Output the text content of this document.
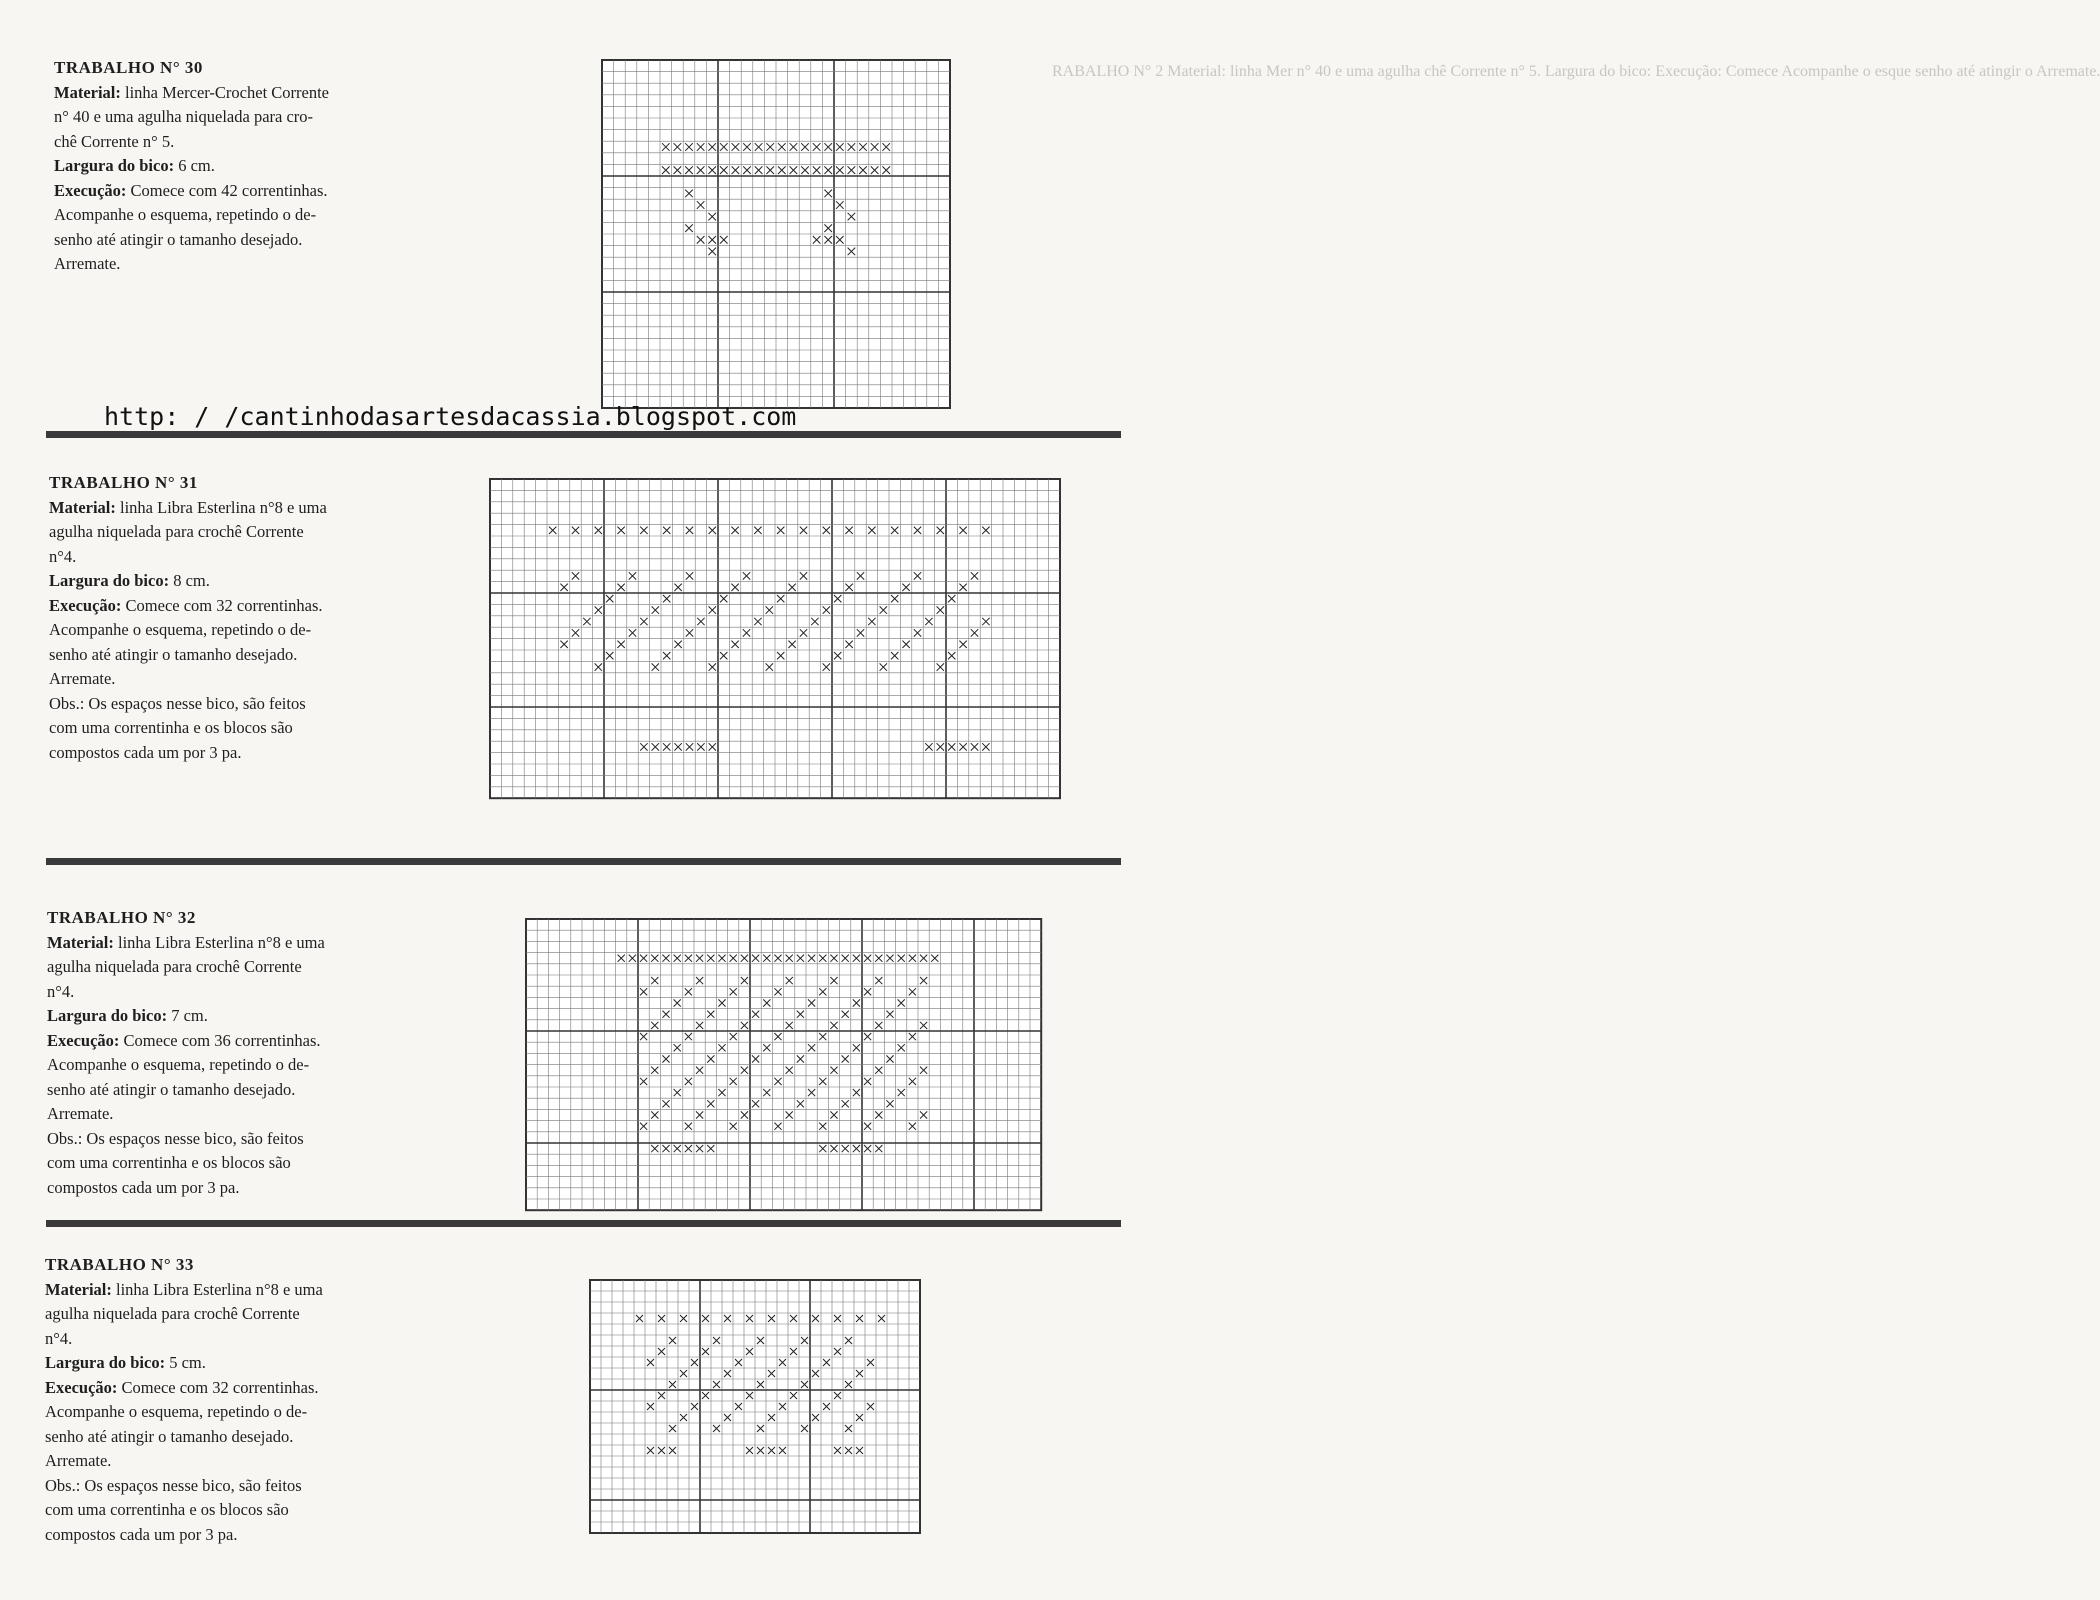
RABALHO N° 2 Material: linha Mer n° 40 e uma agulha chê Corrente n° 5. Largura do bico: Execução: Comece Acompanhe o esque senho até atingir o Arremate.
TRABALHO N° 30
Material: linha Mercer-Crochet Corrente
n° 40 e uma agulha niquelada para cro-
chê Corrente n° 5.
Largura do bico: 6 cm.
Execução: Comece com 42 correntinhas.
Acompanhe o esquema, repetindo o de-
senho até atingir o tamanho desejado.
Arremate.
http: / /cantinhodasartesdacassia.blogspot.com
TRABALHO N° 31
Material: linha Libra Esterlina n°8 e uma
agulha niquelada para crochê Corrente
n°4.
Largura do bico: 8 cm.
Execução: Comece com 32 correntinhas.
Acompanhe o esquema, repetindo o de-
senho até atingir o tamanho desejado.
Arremate.
Obs.: Os espaços nesse bico, são feitos
com uma correntinha e os blocos são
compostos cada um por 3 pa.
TRABALHO N° 32
Material: linha Libra Esterlina n°8 e uma
agulha niquelada para crochê Corrente
n°4.
Largura do bico: 7 cm.
Execução: Comece com 36 correntinhas.
Acompanhe o esquema, repetindo o de-
senho até atingir o tamanho desejado.
Arremate.
Obs.: Os espaços nesse bico, são feitos
com uma correntinha e os blocos são
compostos cada um por 3 pa.
TRABALHO N° 33
Material: linha Libra Esterlina n°8 e uma
agulha niquelada para crochê Corrente
n°4.
Largura do bico: 5 cm.
Execução: Comece com 32 correntinhas.
Acompanhe o esquema, repetindo o de-
senho até atingir o tamanho desejado.
Arremate.
Obs.: Os espaços nesse bico, são feitos
com uma correntinha e os blocos são
compostos cada um por 3 pa.
